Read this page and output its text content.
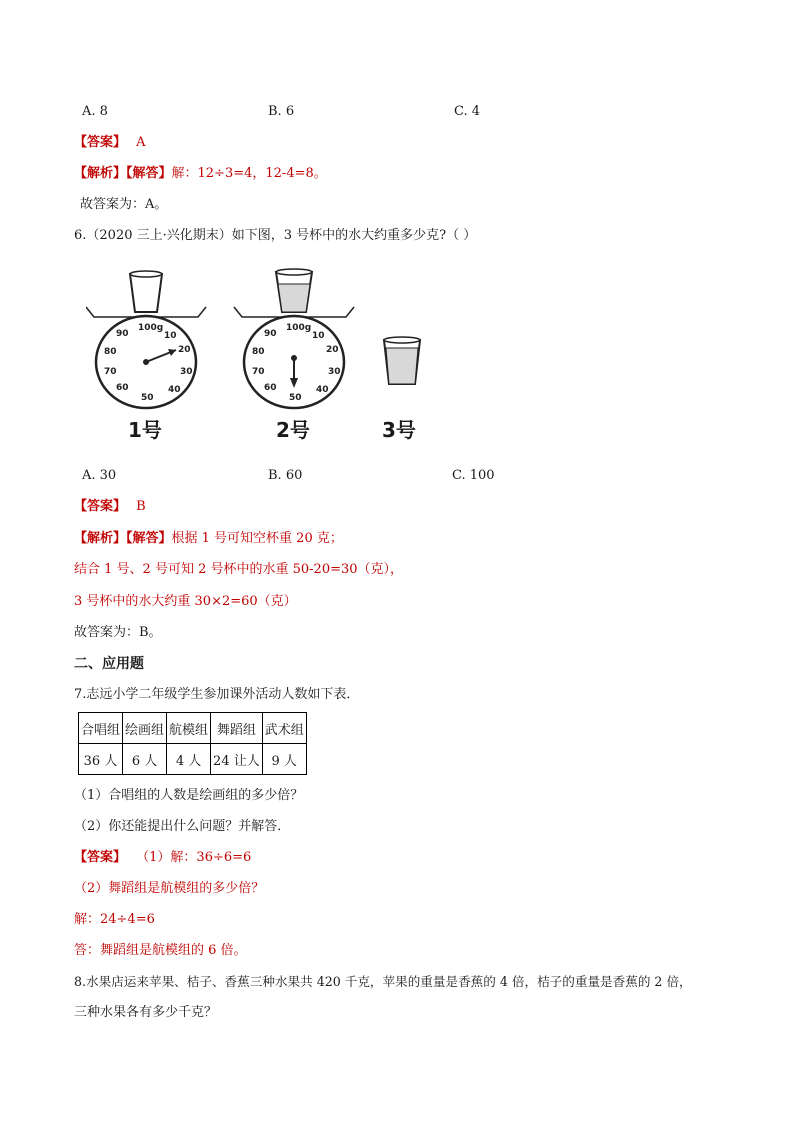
A. 8	B. 6	C. 4
【答案】 A
【解析】【解答】解：12÷3=4，12-4=8。
故答案为：A。
6.（2020 三上·兴化期末）如下图，3 号杯中的水大约重多少克?（ ）
100g
10
20
30
40
50
60
70
80
90
100g
10
20
30
40
50
60
70
80
90
1号	2号	3号
A. 30	B. 60	C. 100
【答案】 B
【解析】【解答】根据 1 号可知空杯重 20 克；
结合 1 号、2 号可知 2 号杯中的水重 50-20=30（克），
3 号杯中的水大约重 30×2=60（克）
故答案为：B。
二、应用题
7.志远小学二年级学生参加课外活动人数如下表．
合唱组	绘画组	航模组	舞蹈组	武术组
36 人	6 人	4 人	24 让人	9 人
（1）合唱组的人数是绘画组的多少倍？
（2）你还能提出什么问题？并解答．
【答案】 （1）解：36÷6=6
（2）舞蹈组是航模组的多少倍？
解：24÷4=6
答：舞蹈组是航模组的 6 倍。
8.水果店运来苹果、桔子、香蕉三种水果共 420 千克，苹果的重量是香蕉的 4 倍，桔子的重量是香蕉的 2 倍，
三种水果各有多少千克？
